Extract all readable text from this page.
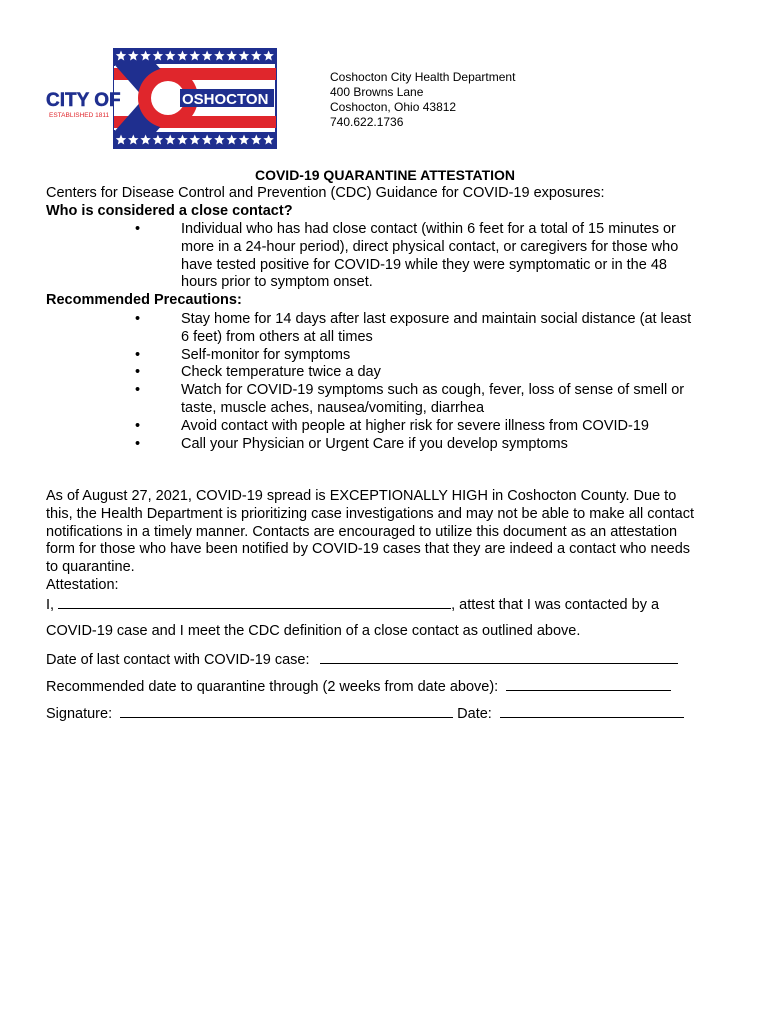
OSHOCTON
CITY OF
ESTABLISHED 1811
Coshocton City Health Department
400 Browns Lane
Coshocton, Ohio 43812
740.622.1736
COVID-19 QUARANTINE ATTESTATION
Centers for Disease Control and Prevention (CDC) Guidance for COVID-19 exposures:
Who is considered a close contact?
•	Individual who has had close contact (within 6 feet for a total of 15 minutes or
more in a 24-hour period), direct physical contact, or caregivers for those who
have tested positive for COVID-19 while they were symptomatic or in the 48
hours prior to symptom onset.
Recommended Precautions:
•	Stay home for 14 days after last exposure and maintain social distance (at least
6 feet) from others at all times
•	Self-monitor for symptoms
•	Check temperature twice a day
•	Watch for COVID-19 symptoms such as cough, fever, loss of sense of smell or
taste, muscle aches, nausea/vomiting, diarrhea
•	Avoid contact with people at higher risk for severe illness from COVID-19
•	Call your Physician or Urgent Care if you develop symptoms
As of August 27, 2021, COVID-19 spread is EXCEPTIONALLY HIGH in Coshocton County. Due to
this, the Health Department is prioritizing case investigations and may not be able to make all contact
notifications in a timely manner. Contacts are encouraged to utilize this document as an attestation
form for those who have been notified by COVID-19 cases that they are indeed a contact who needs
to quarantine.
Attestation:
I,	, attest that I was contacted by a
COVID-19 case and I meet the CDC definition of a close contact as outlined above.
Date of last contact with COVID-19 case:
Recommended date to quarantine through (2 weeks from date above):
Signature:	Date:
